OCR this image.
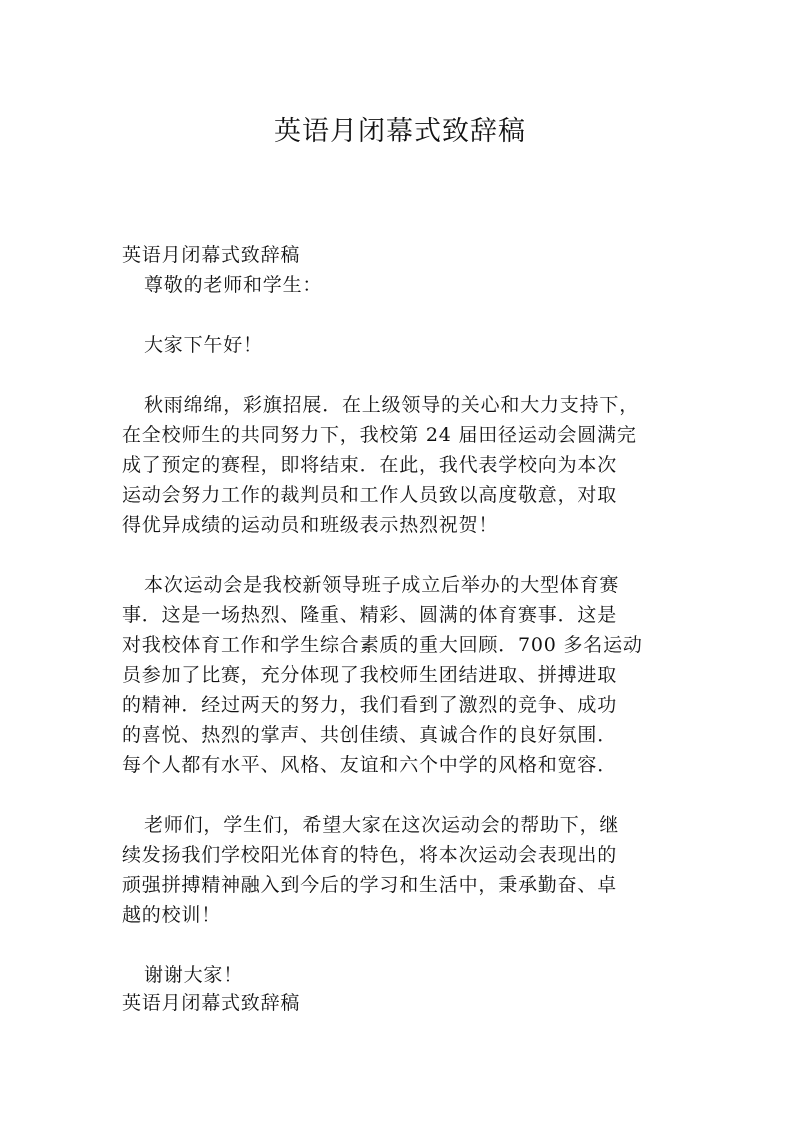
英语月闭幕式致辞稿
英语月闭幕式致辞稿
尊敬的老师和学生：
大家下午好！
秋雨绵绵，彩旗招展．在上级领导的关心和大力支持下，
在全校师生的共同努力下，我校第 24 届田径运动会圆满完
成了预定的赛程，即将结束．在此，我代表学校向为本次
运动会努力工作的裁判员和工作人员致以高度敬意，对取
得优异成绩的运动员和班级表示热烈祝贺！
本次运动会是我校新领导班子成立后举办的大型体育赛
事．这是一场热烈、隆重、精彩、圆满的体育赛事．这是
对我校体育工作和学生综合素质的重大回顾．700 多名运动
员参加了比赛，充分体现了我校师生团结进取、拼搏进取
的精神．经过两天的努力，我们看到了激烈的竞争、成功
的喜悦、热烈的掌声、共创佳绩、真诚合作的良好氛围．
每个人都有水平、风格、友谊和六个中学的风格和宽容．
老师们，学生们，希望大家在这次运动会的帮助下，继
续发扬我们学校阳光体育的特色，将本次运动会表现出的
顽强拼搏精神融入到今后的学习和生活中，秉承勤奋、卓
越的校训！
谢谢大家！
英语月闭幕式致辞稿
